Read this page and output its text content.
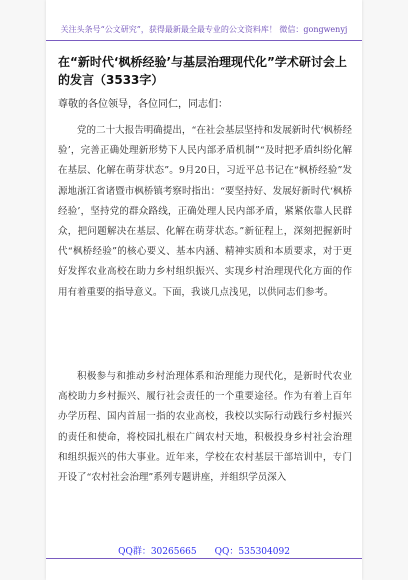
关注头条号“公文研究”，获得最新最全最专业的公文资料库！ 微信：gongwenyj
在“新时代‘枫桥经验’与基层治理现代化”学术研讨会上的发言（3533字）
尊敬的各位领导，各位同仁，同志们：
党的二十大报告明确提出，“在社会基层坚持和发展新时代‘枫桥经验’，完善正确处理新形势下人民内部矛盾机制”“及时把矛盾纠纷化解在基层、化解在萌芽状态”。9月20日，习近平总书记在“枫桥经验”发源地浙江省诸暨市枫桥镇考察时指出：“要坚持好、发展好新时代‘枫桥经验’，坚持党的群众路线，正确处理人民内部矛盾，紧紧依靠人民群众，把问题解决在基层、化解在萌芽状态。”新征程上，深刻把握新时代“枫桥经验”的核心要义、基本内涵、精神实质和本质要求，对于更好发挥农业高校在助力乡村组织振兴、实现乡村治理现代化方面的作用有着重要的指导意义。下面，我谈几点浅见，以供同志们参考。
积极参与和推动乡村治理体系和治理能力现代化，是新时代农业高校助力乡村振兴、履行社会责任的一个重要途径。作为有着上百年办学历程、国内首屈一指的农业高校，我校以实际行动践行乡村振兴的责任和使命，将校园扎根在广阔农村天地，积极投身乡村社会治理和组织振兴的伟大事业。近年来，学校在农村基层干部培训中，专门开设了“农村社会治理”系列专题讲座，并组织学员深入
QQ群：30265665 QQ：535304092
